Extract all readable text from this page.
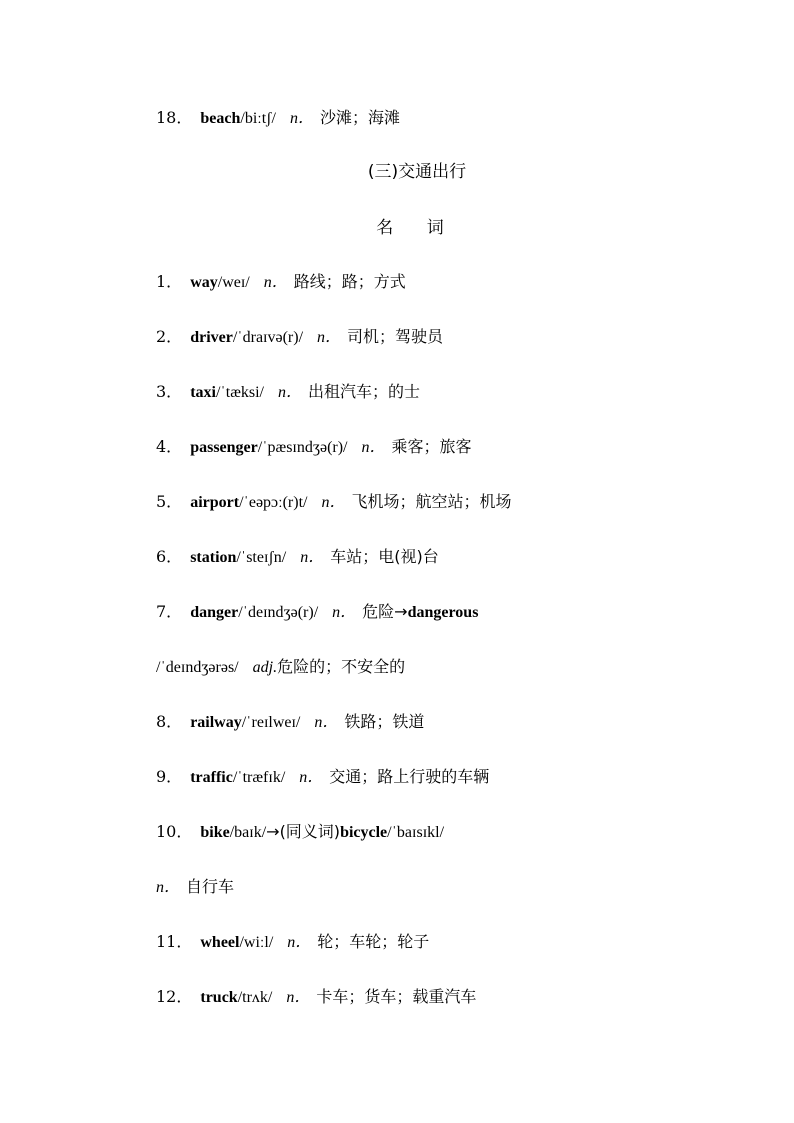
18． beach/biːtʃ/ n． 沙滩；海滩
(三)交通出行
名 词
1． way/weɪ/ n． 路线；路；方式
2． driver/ˈdraɪvə(r)/ n． 司机；驾驶员
3． taxi/ˈtæksi/ n． 出租汽车；的士
4． passenger/ˈpæsɪndʒə(r)/ n． 乘客；旅客
5． airport/ˈeəpɔː(r)t/ n． 飞机场；航空站；机场
6． station/ˈsteɪʃn/ n． 车站；电(视)台
7． danger/ˈdeɪndʒə(r)/ n． 危险→dangerous
/ˈdeɪndʒərəs/ adj.危险的；不安全的
8． railway/ˈreɪlweɪ/ n． 铁路；铁道
9． traffic/ˈtræfɪk/ n． 交通；路上行驶的车辆
10． bike/baɪk/→(同义词)bicycle/ˈbaɪsɪkl/
n． 自行车
11． wheel/wiːl/ n． 轮；车轮；轮子
12． truck/trʌk/ n． 卡车；货车；载重汽车
